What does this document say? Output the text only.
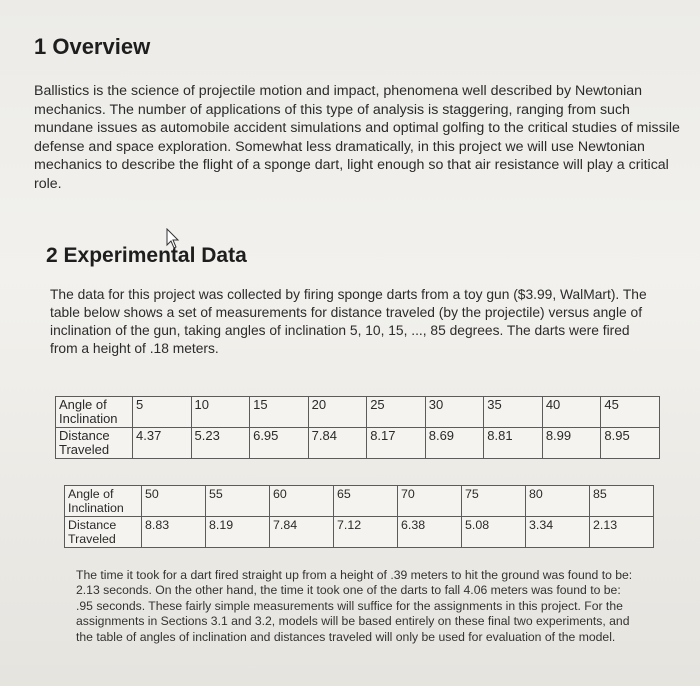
1 Overview

Ballistics is the science of projectile motion and impact, phenomena well described by Newtonian mechanics. The number of applications of this type of analysis is staggering, ranging from such mundane issues as automobile accident simulations and optimal golfing to the critical studies of missile defense and space exploration. Somewhat less dramatically, in this project we will use Newtonian mechanics to describe the flight of a sponge dart, light enough so that air resistance will play a critical role.

2 Experimental Data

The data for this project was collected by firing sponge darts from a toy gun ($3.99, WalMart). The table below shows a set of measurements for distance traveled (by the projectile) versus angle of inclination of the gun, taking angles of inclination 5, 10, 15, ..., 85 degrees. The darts were fired from a height of .18 meters.

Angle of Inclination	5	10	15	20	25	30	35	40	45
Distance Traveled	4.37	5.23	6.95	7.84	8.17	8.69	8.81	8.99	8.95
Angle of Inclination	50	55	60	65	70	75	80	85
Distance Traveled	8.83	8.19	7.84	7.12	6.38	5.08	3.34	2.13

The time it took for a dart fired straight up from a height of .39 meters to hit the ground was found to be: 2.13 seconds. On the other hand, the time it took one of the darts to fall 4.06 meters was found to be: .95 seconds. These fairly simple measurements will suffice for the assignments in this project. For the assignments in Sections 3.1 and 3.2, models will be based entirely on these final two experiments, and the table of angles of inclination and distances traveled will only be used for evaluation of the model.
